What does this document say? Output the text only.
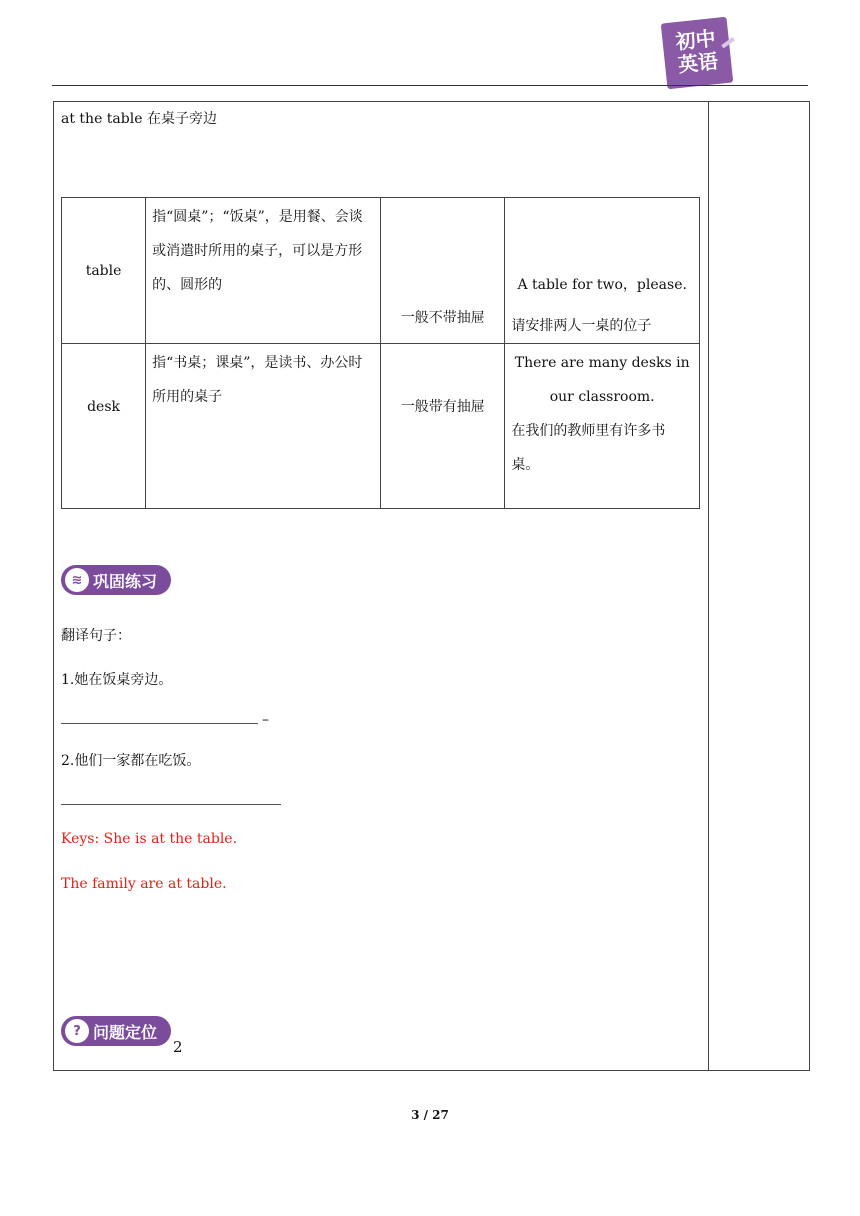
初中
英语
at the table 在桌子旁边
table	指“圆桌”；“饭桌”，是用餐、会谈或消遣时所用的桌子，可以是方形的、圆形的	一般不带抽屉	A table for two，please.
请安排两人一桌的位子

desk	指“书桌；课桌”，是读书、办公时所用的桌子	一般带有抽屉	There are many desks in our classroom.
在我们的教师里有许多书桌。
≋ 巩固练习
翻译句子：
1.她在饭桌旁边。
–
2.他们一家都在吃饭。
Keys: She is at the table.
The family are at table.
? 问题定位
2
3 / 27
